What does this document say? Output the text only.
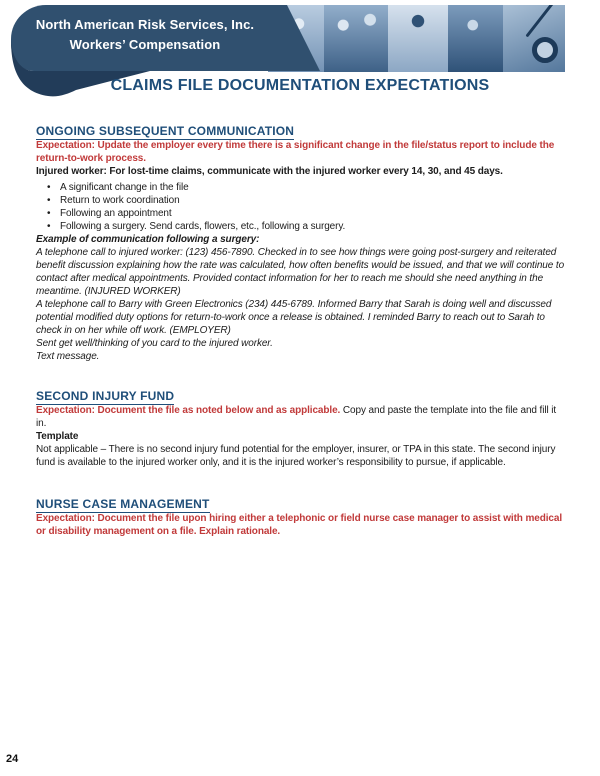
North American Risk Services, Inc.
Workers’ Compensation
CLAIMS FILE DOCUMENTATION EXPECTATIONS
ONGOING SUBSEQUENT COMMUNICATION

Expectation: Update the employer every time there is a significant change in the file/status report to include the return-to-work process.

Injured worker: For lost-time claims, communicate with the injured worker every 14, 30, and 45 days.

• A significant change in the file
• Return to work coordination
• Following an appointment
• Following a surgery. Send cards, flowers, etc., following a surgery.

Example of communication following a surgery:

A telephone call to injured worker: (123) 456-7890. Checked in to see how things were going post-surgery and reiterated benefit discussion explaining how the rate was calculated, how often benefits would be issued, and that we will continue to contact after medical appointments. Provided contact information for her to reach me should she need anything in the meantime. (INJURED WORKER)

A telephone call to Barry with Green Electronics (234) 445-6789. Informed Barry that Sarah is doing well and discussed potential modified duty options for return-to-work once a release is obtained. I reminded Barry to reach out to Sarah to check in on her while off work. (EMPLOYER)

Sent get well/thinking of you card to the injured worker.

Text message.

SECOND INJURY FUND

Expectation: Document the file as noted below and as applicable. Copy and paste the template into the file and fill it in.

Template

Not applicable – There is no second injury fund potential for the employer, insurer, or TPA in this state. The second injury fund is available to the injured worker only, and it is the injured worker’s responsibility to pursue, if applicable.

NURSE CASE MANAGEMENT

Expectation: Document the file upon hiring either a telephonic or field nurse case manager to assist with medical or disability management on a file. Explain rationale.

24
